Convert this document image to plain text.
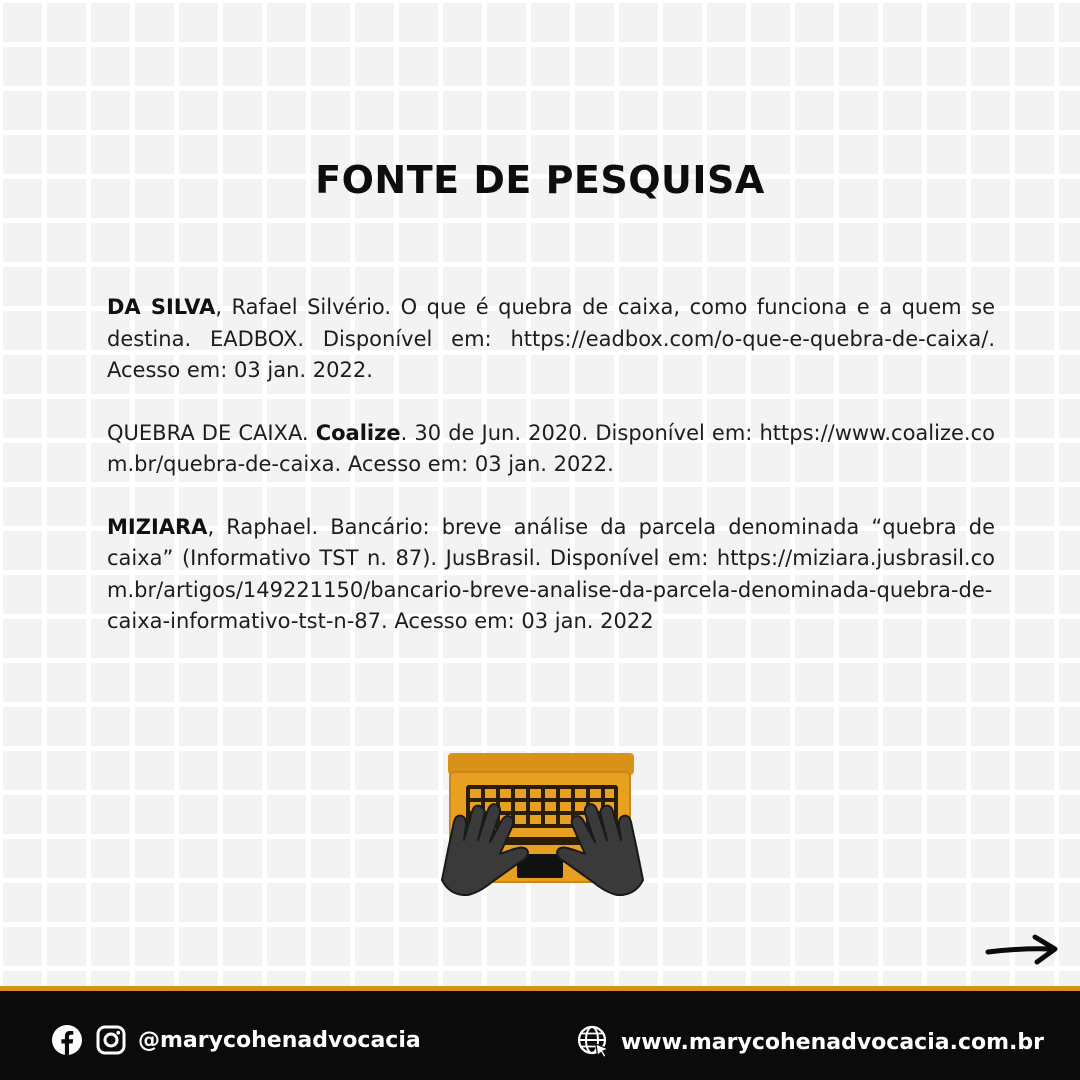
FONTE DE PESQUISA

DA SILVA, Rafael Silvério. O que é quebra de caixa, como funciona e a quem se destina. EADBOX. Disponível em: https://eadbox.com/o-que-e-quebra-de-caixa/. Acesso em: 03 jan. 2022.

QUEBRA DE CAIXA. Coalize. 30 de Jun. 2020. Disponível em: https://www.coalize.com.br/quebra-de-caixa. Acesso em: 03 jan. 2022.

MIZIARA, Raphael. Bancário: breve análise da parcela denominada “quebra de caixa” (Informativo TST n. 87). JusBrasil. Disponível em: https://miziara.jusbrasil.com.br/artigos/149221150/bancario-breve-analise-da-parcela-denominada-quebra-de-caixa-informativo-tst-n-87. Acesso em: 03 jan. 2022

@marycohenadvocacia	www.marycohenadvocacia.com.br
